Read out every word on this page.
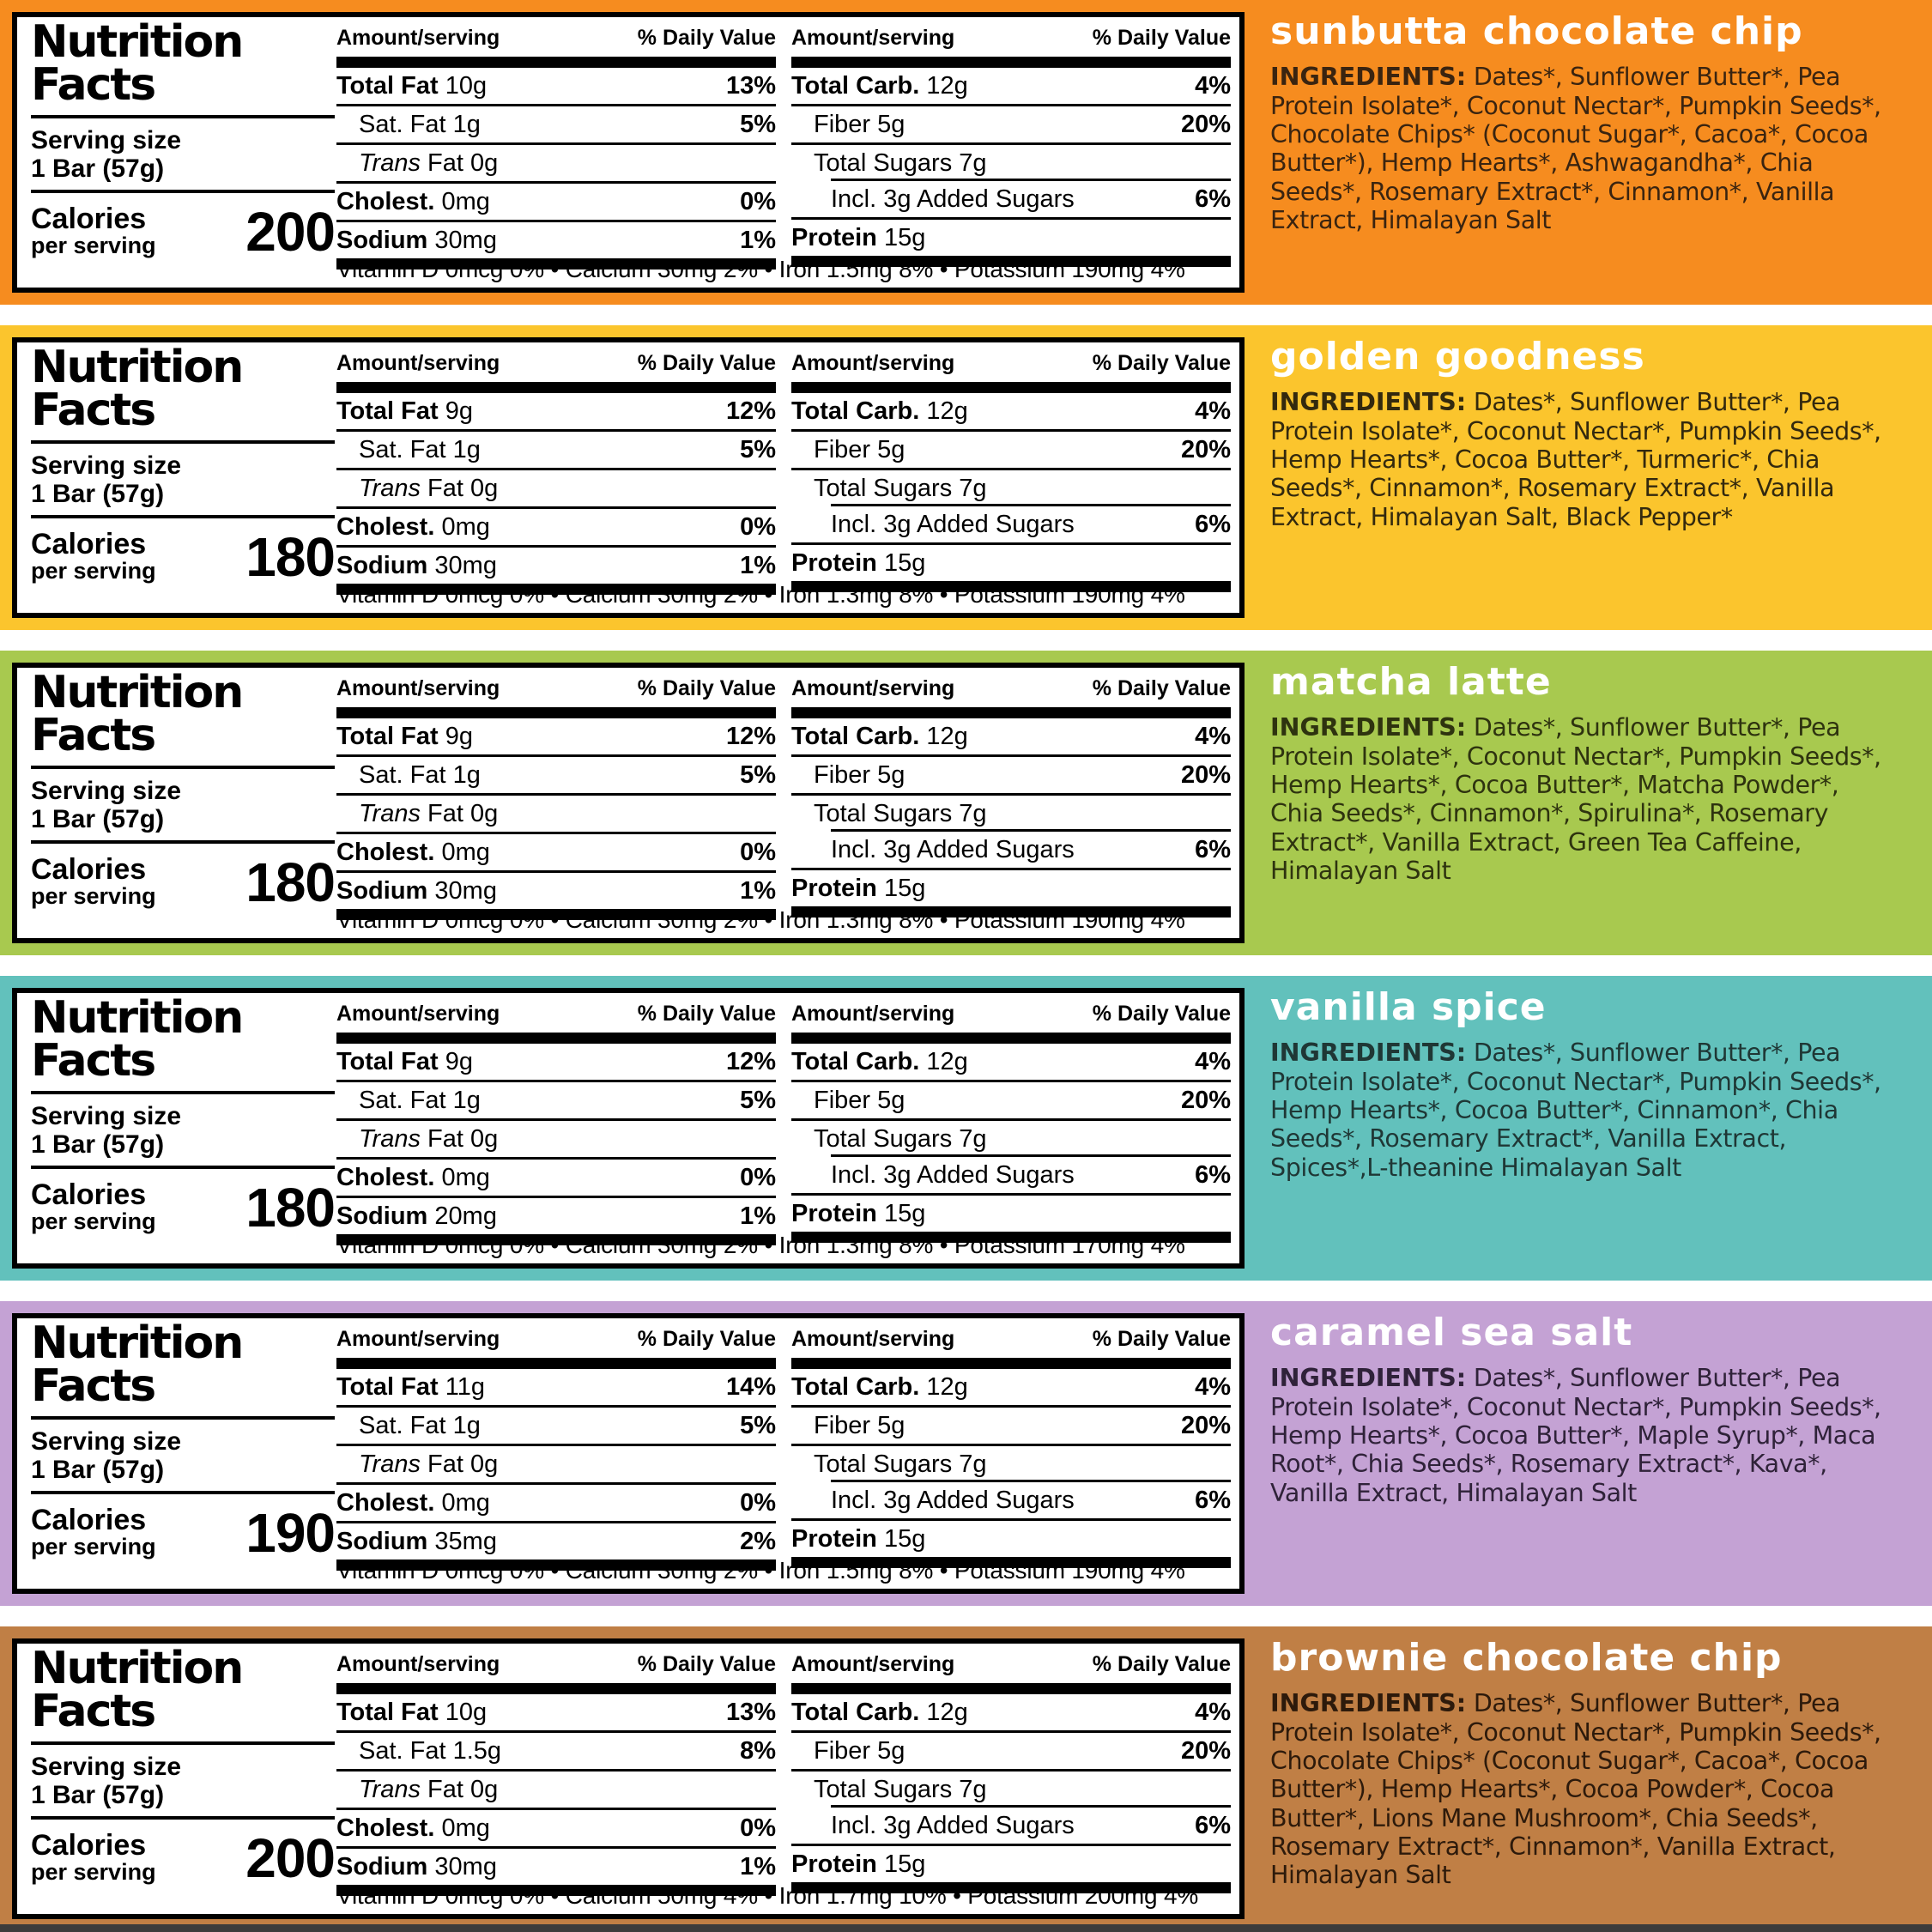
Nutrition
Facts
Serving size
1 Bar (57g)
Calories
per serving 200
Amount/serving	% Daily Value
Total Fat 10g	13%
Sat. Fat 1g	5%
Trans Fat 0g
Cholest. 0mg	0%
Sodium 30mg	1%
Amount/serving	% Daily Value
Total Carb. 12g	4%
Fiber 5g	20%
Total Sugars 7g
Incl. 3g Added Sugars	6%
Protein 15g
Vitamin D 0mcg 0% • Calcium 30mg 2% • Iron 1.5mg 8% • Potassium 190mg 4%
sunbutta chocolate chip

INGREDIENTS: Dates*, Sunflower Butter*, Pea Protein Isolate*, Coconut Nectar*, Pumpkin Seeds*, Chocolate Chips* (Coconut Sugar*, Cacoa*, Cocoa Butter*), Hemp Hearts*, Ashwagandha*, Chia Seeds*, Rosemary Extract*, Cinnamon*, Vanilla Extract, Himalayan Salt

Nutrition
Facts
Serving size
1 Bar (57g)
Calories
per serving 180
Amount/serving	% Daily Value
Total Fat 9g	12%
Sat. Fat 1g	5%
Trans Fat 0g
Cholest. 0mg	0%
Sodium 30mg	1%
Amount/serving	% Daily Value
Total Carb. 12g	4%
Fiber 5g	20%
Total Sugars 7g
Incl. 3g Added Sugars	6%
Protein 15g
Vitamin D 0mcg 0% • Calcium 30mg 2% • Iron 1.3mg 8% • Potassium 190mg 4%
golden goodness

INGREDIENTS: Dates*, Sunflower Butter*, Pea Protein Isolate*, Coconut Nectar*, Pumpkin Seeds*, Hemp Hearts*, Cocoa Butter*, Turmeric*, Chia Seeds*, Cinnamon*, Rosemary Extract*, Vanilla Extract, Himalayan Salt, Black Pepper*

Nutrition
Facts
Serving size
1 Bar (57g)
Calories
per serving 180
Amount/serving	% Daily Value
Total Fat 9g	12%
Sat. Fat 1g	5%
Trans Fat 0g
Cholest. 0mg	0%
Sodium 30mg	1%
Amount/serving	% Daily Value
Total Carb. 12g	4%
Fiber 5g	20%
Total Sugars 7g
Incl. 3g Added Sugars	6%
Protein 15g
Vitamin D 0mcg 0% • Calcium 30mg 2% • Iron 1.3mg 8% • Potassium 190mg 4%
matcha latte

INGREDIENTS: Dates*, Sunflower Butter*, Pea Protein Isolate*, Coconut Nectar*, Pumpkin Seeds*, Hemp Hearts*, Cocoa Butter*, Matcha Powder*, Chia Seeds*, Cinnamon*, Spirulina*, Rosemary Extract*, Vanilla Extract, Green Tea Caffeine, Himalayan Salt

Nutrition
Facts
Serving size
1 Bar (57g)
Calories
per serving 180
Amount/serving	% Daily Value
Total Fat 9g	12%
Sat. Fat 1g	5%
Trans Fat 0g
Cholest. 0mg	0%
Sodium 20mg	1%
Amount/serving	% Daily Value
Total Carb. 12g	4%
Fiber 5g	20%
Total Sugars 7g
Incl. 3g Added Sugars	6%
Protein 15g
Vitamin D 0mcg 0% • Calcium 30mg 2% • Iron 1.3mg 8% • Potassium 170mg 4%
vanilla spice

INGREDIENTS: Dates*, Sunflower Butter*, Pea Protein Isolate*, Coconut Nectar*, Pumpkin Seeds*, Hemp Hearts*, Cocoa Butter*, Cinnamon*, Chia Seeds*, Rosemary Extract*, Vanilla Extract, Spices*,L-theanine Himalayan Salt

Nutrition
Facts
Serving size
1 Bar (57g)
Calories
per serving 190
Amount/serving	% Daily Value
Total Fat 11g	14%
Sat. Fat 1g	5%
Trans Fat 0g
Cholest. 0mg	0%
Sodium 35mg	2%
Amount/serving	% Daily Value
Total Carb. 12g	4%
Fiber 5g	20%
Total Sugars 7g
Incl. 3g Added Sugars	6%
Protein 15g
Vitamin D 0mcg 0% • Calcium 30mg 2% • Iron 1.5mg 8% • Potassium 190mg 4%
caramel sea salt

INGREDIENTS: Dates*, Sunflower Butter*, Pea Protein Isolate*, Coconut Nectar*, Pumpkin Seeds*, Hemp Hearts*, Cocoa Butter*, Maple Syrup*, Maca Root*, Chia Seeds*, Rosemary Extract*, Kava*, Vanilla Extract, Himalayan Salt

Nutrition
Facts
Serving size
1 Bar (57g)
Calories
per serving 200
Amount/serving	% Daily Value
Total Fat 10g	13%
Sat. Fat 1.5g	8%
Trans Fat 0g
Cholest. 0mg	0%
Sodium 30mg	1%
Amount/serving	% Daily Value
Total Carb. 12g	4%
Fiber 5g	20%
Total Sugars 7g
Incl. 3g Added Sugars	6%
Protein 15g
Vitamin D 0mcg 0% • Calcium 50mg 4% • Iron 1.7mg 10% • Potassium 200mg 4%
brownie chocolate chip

INGREDIENTS: Dates*, Sunflower Butter*, Pea Protein Isolate*, Coconut Nectar*, Pumpkin Seeds*, Chocolate Chips* (Coconut Sugar*, Cacoa*, Cocoa Butter*), Hemp Hearts*, Cocoa Powder*, Cocoa Butter*, Lions Mane Mushroom*, Chia Seeds*, Rosemary Extract*, Cinnamon*, Vanilla Extract, Himalayan Salt
